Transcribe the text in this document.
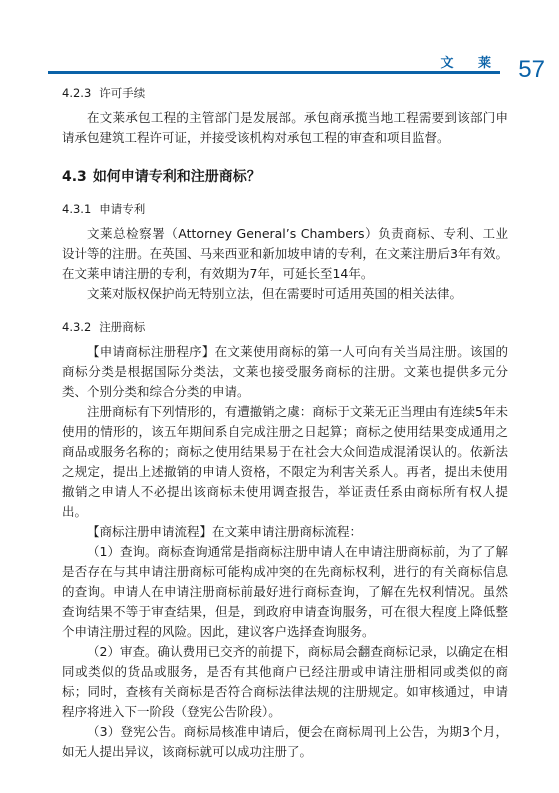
文 莱 57
4.2.3 许可手续

在文莱承包工程的主管部门是发展部。承包商承揽当地工程需要到该部门申请承包建筑工程许可证，并接受该机构对承包工程的审查和项目监督。

4.3 如何申请专利和注册商标？
4.3.1 申请专利

文莱总检察署（Attorney General’s Chambers）负责商标、专利、工业设计等的注册。在英国、马来西亚和新加坡申请的专利，在文莱注册后3年有效。在文莱申请注册的专利，有效期为7年，可延长至14年。

文莱对版权保护尚无特别立法，但在需要时可适用英国的相关法律。

4.3.2 注册商标

【申请商标注册程序】在文莱使用商标的第一人可向有关当局注册。该国的商标分类是根据国际分类法，文莱也接受服务商标的注册。文莱也提供多元分类、个别分类和综合分类的申请。

注册商标有下列情形的，有遭撤销之虞：商标于文莱无正当理由有连续5年未使用的情形的，该五年期间系自完成注册之日起算；商标之使用结果变成通用之商品或服务名称的；商标之使用结果易于在社会大众间造成混淆误认的。依新法之规定，提出上述撤销的申请人资格，不限定为利害关系人。再者，提出未使用撤销之申请人不必提出该商标未使用调查报告，举证责任系由商标所有权人提出。

【商标注册申请流程】在文莱申请注册商标流程：

（1）查询。商标查询通常是指商标注册申请人在申请注册商标前，为了了解是否存在与其申请注册商标可能构成冲突的在先商标权利，进行的有关商标信息的查询。申请人在申请注册商标前最好进行商标查询，了解在先权利情况。虽然查询结果不等于审查结果，但是，到政府申请查询服务，可在很大程度上降低整个申请注册过程的风险。因此，建议客户选择查询服务。

（2）审查。确认费用已交齐的前提下，商标局会翻查商标记录，以确定在相同或类似的货品或服务，是否有其他商户已经注册或申请注册相同或类似的商标；同时，查核有关商标是否符合商标法律法规的注册规定。如审核通过，申请程序将进入下一阶段（登宪公告阶段）。

（3）登宪公告。商标局核准申请后，便会在商标周刊上公告，为期3个月，如无人提出异议，该商标就可以成功注册了。
